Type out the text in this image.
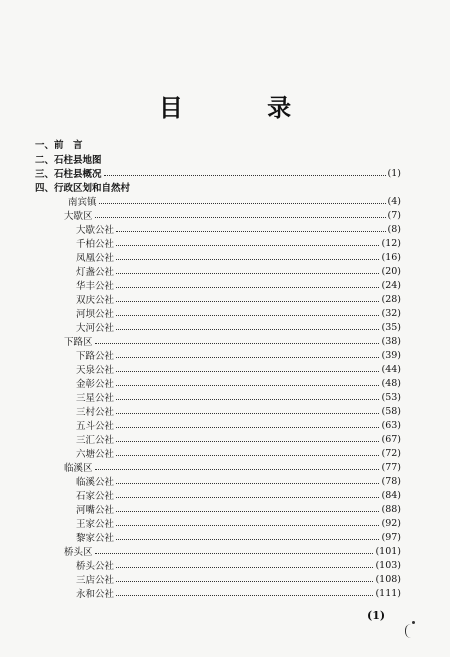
目 录
一、前　言
二、石柱县地图
三、石柱县概况	(1)
四、行政区划和自然村
南宾镇	(4)
大歇区	(7)
大歇公社	(8)
千柏公社	(12)
凤凰公社	(16)
灯盏公社	(20)
华丰公社	(24)
双庆公社	(28)
河坝公社	(32)
大河公社	(35)
下路区	(38)
下路公社	(39)
天泉公社	(44)
金彰公社	(48)
三星公社	(53)
三村公社	(58)
五斗公社	(63)
三汇公社	(67)
六塘公社	(72)
临溪区	(77)
临溪公社	(78)
石家公社	(84)
河嘴公社	(88)
王家公社	(92)
黎家公社	(97)
桥头区	(101)
桥头公社	(103)
三店公社	(108)
永和公社	(111)
(1)
